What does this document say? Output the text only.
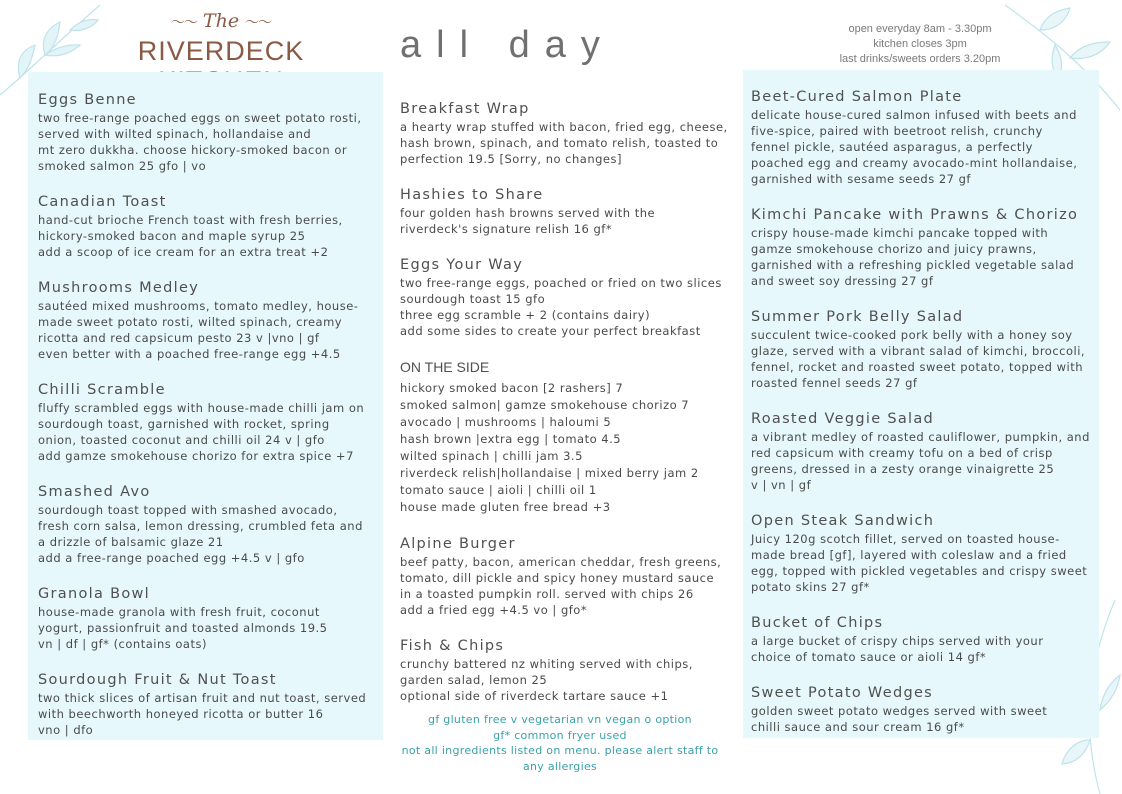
〜〜 The 〜〜
RIVERDECK	all day	open everyday 8am - 3.30pm
kitchen closes 3pm
last drinks/sweets orders 3.20pm
Eggs Benne
two free-range poached eggs on sweet potato rosti,
served with wilted spinach, hollandaise and
mt zero dukkha. choose hickory-smoked bacon or
smoked salmon 25 gfo | vo
Canadian Toast
hand-cut brioche French toast with fresh berries,
hickory-smoked bacon and maple syrup 25
add a scoop of ice cream for an extra treat +2
Mushrooms Medley
sautéed mixed mushrooms, tomato medley, house-
made sweet potato rosti, wilted spinach, creamy
ricotta and red capsicum pesto 23 v |vno | gf
even better with a poached free-range egg +4.5
Chilli Scramble
fluffy scrambled eggs with house-made chilli jam on
sourdough toast, garnished with rocket, spring
onion, toasted coconut and chilli oil 24 v | gfo
add gamze smokehouse chorizo for extra spice +7
Smashed Avo
sourdough toast topped with smashed avocado,
fresh corn salsa, lemon dressing, crumbled feta and
a drizzle of balsamic glaze 21
add a free-range poached egg +4.5 v | gfo
Granola Bowl
house-made granola with fresh fruit, coconut
yogurt, passionfruit and toasted almonds 19.5
vn | df | gf* (contains oats)
Sourdough Fruit & Nut Toast
two thick slices of artisan fruit and nut toast, served
with beechworth honeyed ricotta or butter 16
vno | dfo
Breakfast Wrap
a hearty wrap stuffed with bacon, fried egg, cheese,
hash brown, spinach, and tomato relish, toasted to
perfection 19.5 [Sorry, no changes]
Hashies to Share
four golden hash browns served with the
riverdeck's signature relish 16 gf*
Eggs Your Way
two free-range eggs, poached or fried on two slices
sourdough toast 15 gfo
three egg scramble + 2 (contains dairy)
add some sides to create your perfect breakfast
ON THE SIDE
hickory smoked bacon [2 rashers] 7
smoked salmon| gamze smokehouse chorizo 7
avocado | mushrooms | haloumi 5
hash brown |extra egg | tomato 4.5
wilted spinach | chilli jam 3.5
riverdeck relish|hollandaise | mixed berry jam 2
tomato sauce | aioli | chilli oil 1
house made gluten free bread +3
Alpine Burger
beef patty, bacon, american cheddar, fresh greens,
tomato, dill pickle and spicy honey mustard sauce
in a toasted pumpkin roll. served with chips 26
add a fried egg +4.5 vo | gfo*
Fish & Chips
crunchy battered nz whiting served with chips,
garden salad, lemon 25
optional side of riverdeck tartare sauce +1
Beet-Cured Salmon Plate
delicate house-cured salmon infused with beets and
five-spice, paired with beetroot relish, crunchy
fennel pickle, sautéed asparagus, a perfectly
poached egg and creamy avocado-mint hollandaise,
garnished with sesame seeds 27 gf
Kimchi Pancake with Prawns & Chorizo
crispy house-made kimchi pancake topped with
gamze smokehouse chorizo and juicy prawns,
garnished with a refreshing pickled vegetable salad
and sweet soy dressing 27 gf
Summer Pork Belly Salad
succulent twice-cooked pork belly with a honey soy
glaze, served with a vibrant salad of kimchi, broccoli,
fennel, rocket and roasted sweet potato, topped with
roasted fennel seeds 27 gf
Roasted Veggie Salad
a vibrant medley of roasted cauliflower, pumpkin, and
red capsicum with creamy tofu on a bed of crisp
greens, dressed in a zesty orange vinaigrette 25
v | vn | gf
Open Steak Sandwich
Juicy 120g scotch fillet, served on toasted house-
made bread [gf], layered with coleslaw and a fried
egg, topped with pickled vegetables and crispy sweet
potato skins 27 gf*
Bucket of Chips
a large bucket of crispy chips served with your
choice of tomato sauce or aioli 14 gf*
Sweet Potato Wedges
golden sweet potato wedges served with sweet
chilli sauce and sour cream 16 gf*
gf gluten free v vegetarian vn vegan o option
gf* common fryer used
not all ingredients listed on menu. please alert staff to
any allergies
